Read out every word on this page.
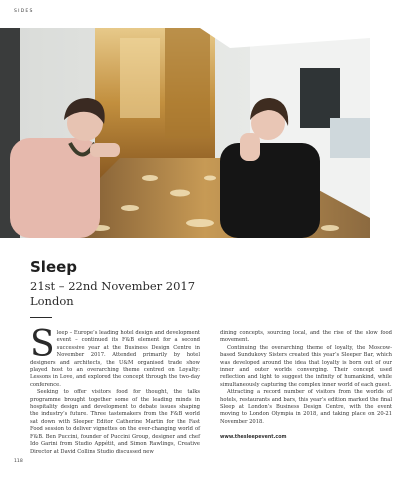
SIDES
Sleep
21st – 22nd November 2017
London

Sleep – Europe’s leading hotel design and development event – continued its F&B element for a second successive year at the Business Design Centre in November 2017. Attended primarily by hotel designers and architects, the U&M organised trade show played host to an overarching theme centred on Loyalty: Lessons in Love, and explored the concept through the two-day conference.

Seeking to offer visitors food for thought, the talks programme brought together some of the leading minds in hospitality design and development to debate issues shaping the industry’s future. Three tastemakers from the F&B world sat down with Sleeper Editor Catherine Martin for the Fast Food session to deliver vignettes on the ever-changing world of F&B. Ben Puccini, founder of Puccini Group, designer and chef Ido Garini from Studio Appétit, and Simon Rawlings, Creative Director at David Collins Studio discussed new

dining concepts, sourcing local, and the rise of the slow food movement.

Continuing the overarching theme of loyalty, the Moscow-based Sundukovy Sisters created this year’s Sleeper Bar, which was developed around the idea that loyalty is born out of our inner and outer worlds converging. Their concept used reflection and light to suggest the infinity of humankind, while simultaneously capturing the complex inner world of each guest.

Attracting a record number of visitors from the worlds of hotels, restaurants and bars, this year’s edition marked the final Sleep at London’s Business Design Centre, with the event moving to London Olympia in 2018, and taking place on 20-21 November 2018.

www.thesleepevent.com
118
